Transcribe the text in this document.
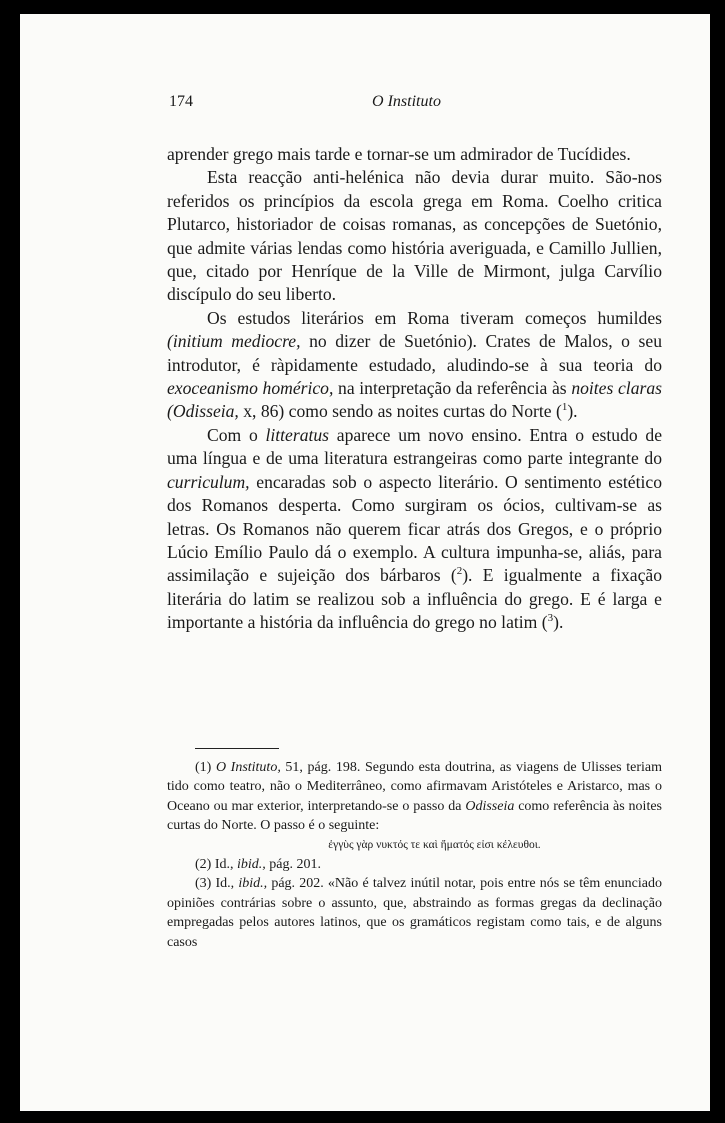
174	O Instituto

aprender grego mais tarde e tornar-se um admirador de Tucídides.

Esta reacção anti-helénica não devia durar muito. São-nos referidos os princípios da escola grega em Roma. Coelho critica Plutarco, historiador de coisas romanas, as concepções de Suetónio, que admite várias lendas como história averiguada, e Camillo Jullien, que, citado por Henríque de la Ville de Mirmont, julga Carvílio discípulo do seu liberto.

Os estudos literários em Roma tiveram começos humildes (initium mediocre, no dizer de Suetónio). Crates de Malos, o seu introdutor, é ràpidamente estudado, aludindo-se à sua teoria do exoceanismo homérico, na interpretação da referência às noites claras (Odisseia, x, 86) como sendo as noites curtas do Norte ($^1$).

Com o litteratus aparece um novo ensino. Entra o estudo de uma língua e de uma literatura estrangeiras como parte integrante do curriculum, encaradas sob o aspecto literário. O sentimento estético dos Romanos desperta. Como surgiram os ócios, cultivam-se as letras. Os Romanos não querem ficar atrás dos Gregos, e o próprio Lúcio Emílio Paulo dá o exemplo. A cultura impunha-se, aliás, para assimilação e sujeição dos bárbaros ($^2$). E igualmente a fixação literária do latim se realizou sob a influência do grego. E é larga e importante a história da influência do grego no latim ($^3$).

(1) O Instituto, 51, pág. 198. Segundo esta doutrina, as viagens de Ulisses teriam tido como teatro, não o Mediterrâneo, como afirmavam Aristóteles e Aristarco, mas o Oceano ou mar exterior, interpretando-se o passo da Odisseia como referência às noites curtas do Norte. O passo é o seguinte:

ἐγγὺς γὰρ νυκτός τε καὶ ἤματός εἰσι κέλευθοι.

(2) Id., ibid., pág. 201.

(3) Id., ibid., pág. 202. «Não é talvez inútil notar, pois entre nós se têm enunciado opiniões contrárias sobre o assunto, que, abstraindo as formas gregas da declinação empregadas pelos autores latinos, que os gramáticos registam como tais, e de alguns casos
